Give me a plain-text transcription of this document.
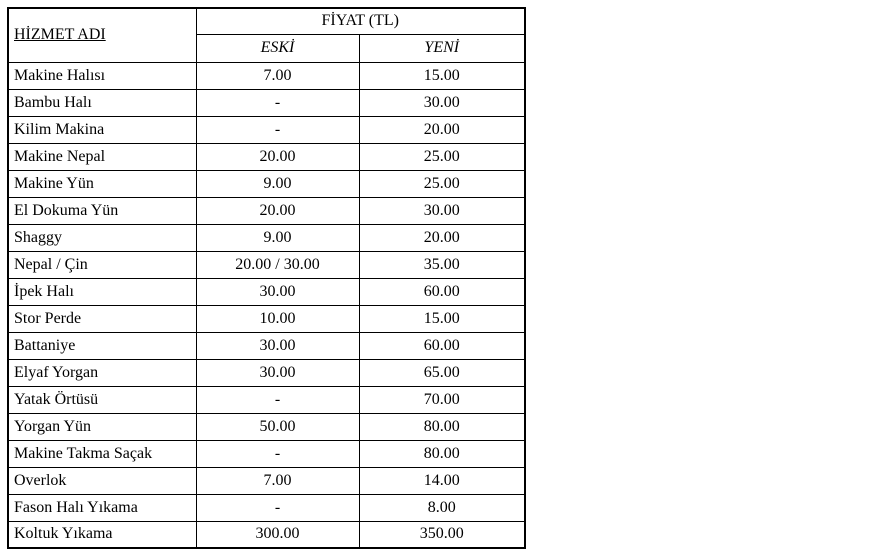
HİZMET ADI	FİYAT (TL)	
	ESKİ	YENİ
Makine Halısı	7.00	15.00
Bambu Halı	-	30.00
Kilim Makina	-	20.00
Makine Nepal	20.00	25.00
Makine Yün	9.00	25.00
El Dokuma Yün	20.00	30.00
Shaggy	9.00	20.00
Nepal / Çin	20.00 / 30.00	35.00
İpek Halı	30.00	60.00
Stor Perde	10.00	15.00
Battaniye	30.00	60.00
Elyaf Yorgan	30.00	65.00
Yatak Örtüsü	-	70.00
Yorgan Yün	50.00	80.00
Makine Takma Saçak	-	80.00
Overlok	7.00	14.00
Fason Halı Yıkama	-	8.00
Koltuk Yıkama	300.00	350.00
